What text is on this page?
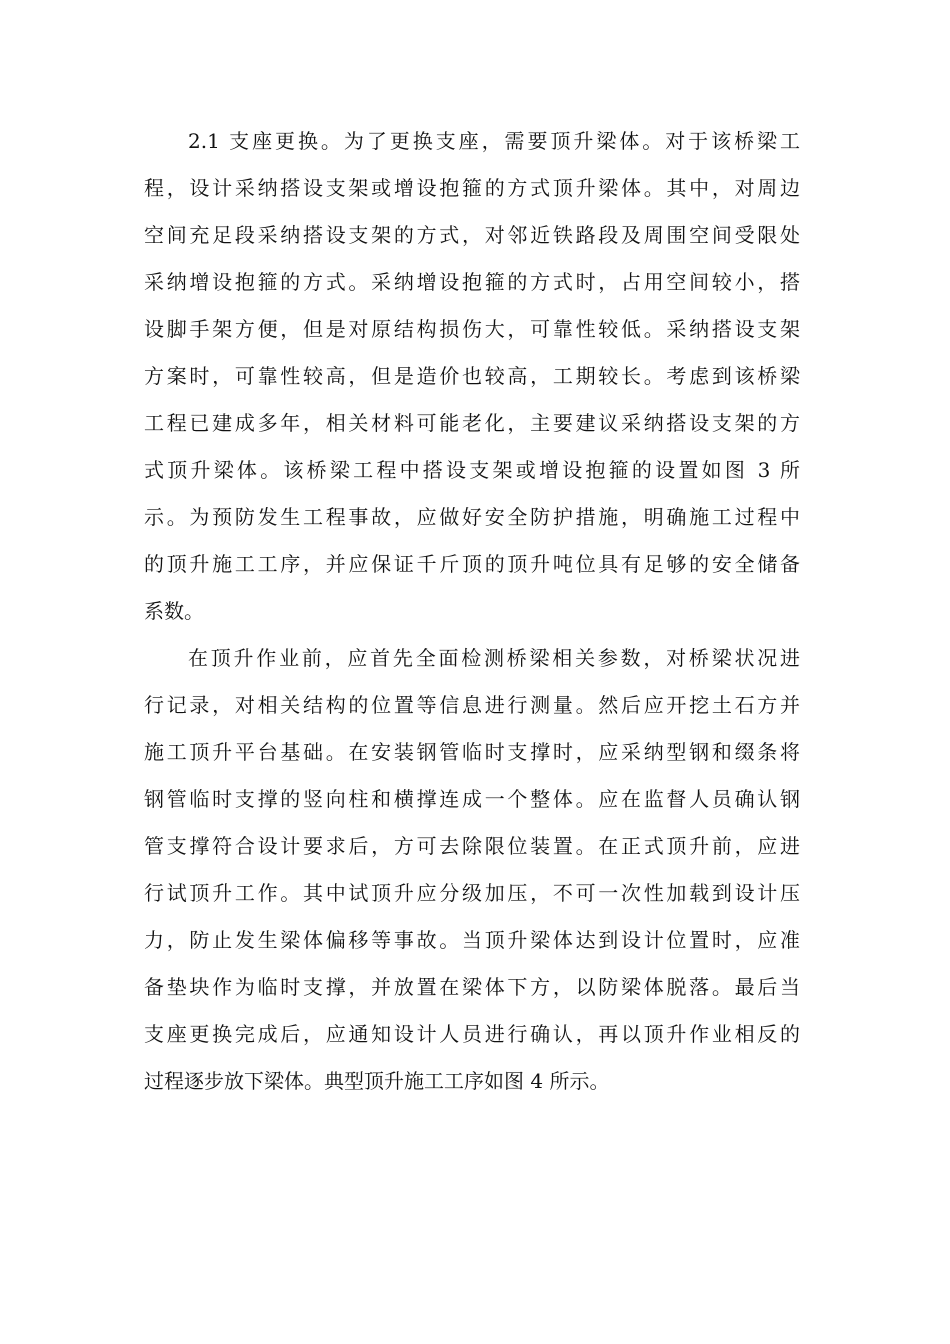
2.1 支座更换。为了更换支座，需要顶升梁体。对于该桥梁工
程，设计采纳搭设支架或增设抱箍的方式顶升梁体。其中，对周边
空间充足段采纳搭设支架的方式，对邻近铁路段及周围空间受限处
采纳增设抱箍的方式。采纳增设抱箍的方式时，占用空间较小，搭
设脚手架方便，但是对原结构损伤大，可靠性较低。采纳搭设支架
方案时，可靠性较高，但是造价也较高，工期较长。考虑到该桥梁
工程已建成多年，相关材料可能老化，主要建议采纳搭设支架的方
式顶升梁体。该桥梁工程中搭设支架或增设抱箍的设置如图 3 所
示。为预防发生工程事故，应做好安全防护措施，明确施工过程中
的顶升施工工序，并应保证千斤顶的顶升吨位具有足够的安全储备
系数。

在顶升作业前，应首先全面检测桥梁相关参数，对桥梁状况进
行记录，对相关结构的位置等信息进行测量。然后应开挖土石方并
施工顶升平台基础。在安装钢管临时支撑时，应采纳型钢和缀条将
钢管临时支撑的竖向柱和横撑连成一个整体。应在监督人员确认钢
管支撑符合设计要求后，方可去除限位装置。在正式顶升前，应进
行试顶升工作。其中试顶升应分级加压，不可一次性加载到设计压
力，防止发生梁体偏移等事故。当顶升梁体达到设计位置时，应准
备垫块作为临时支撑，并放置在梁体下方，以防梁体脱落。最后当
支座更换完成后，应通知设计人员进行确认，再以顶升作业相反的
过程逐步放下梁体。典型顶升施工工序如图 4 所示。
